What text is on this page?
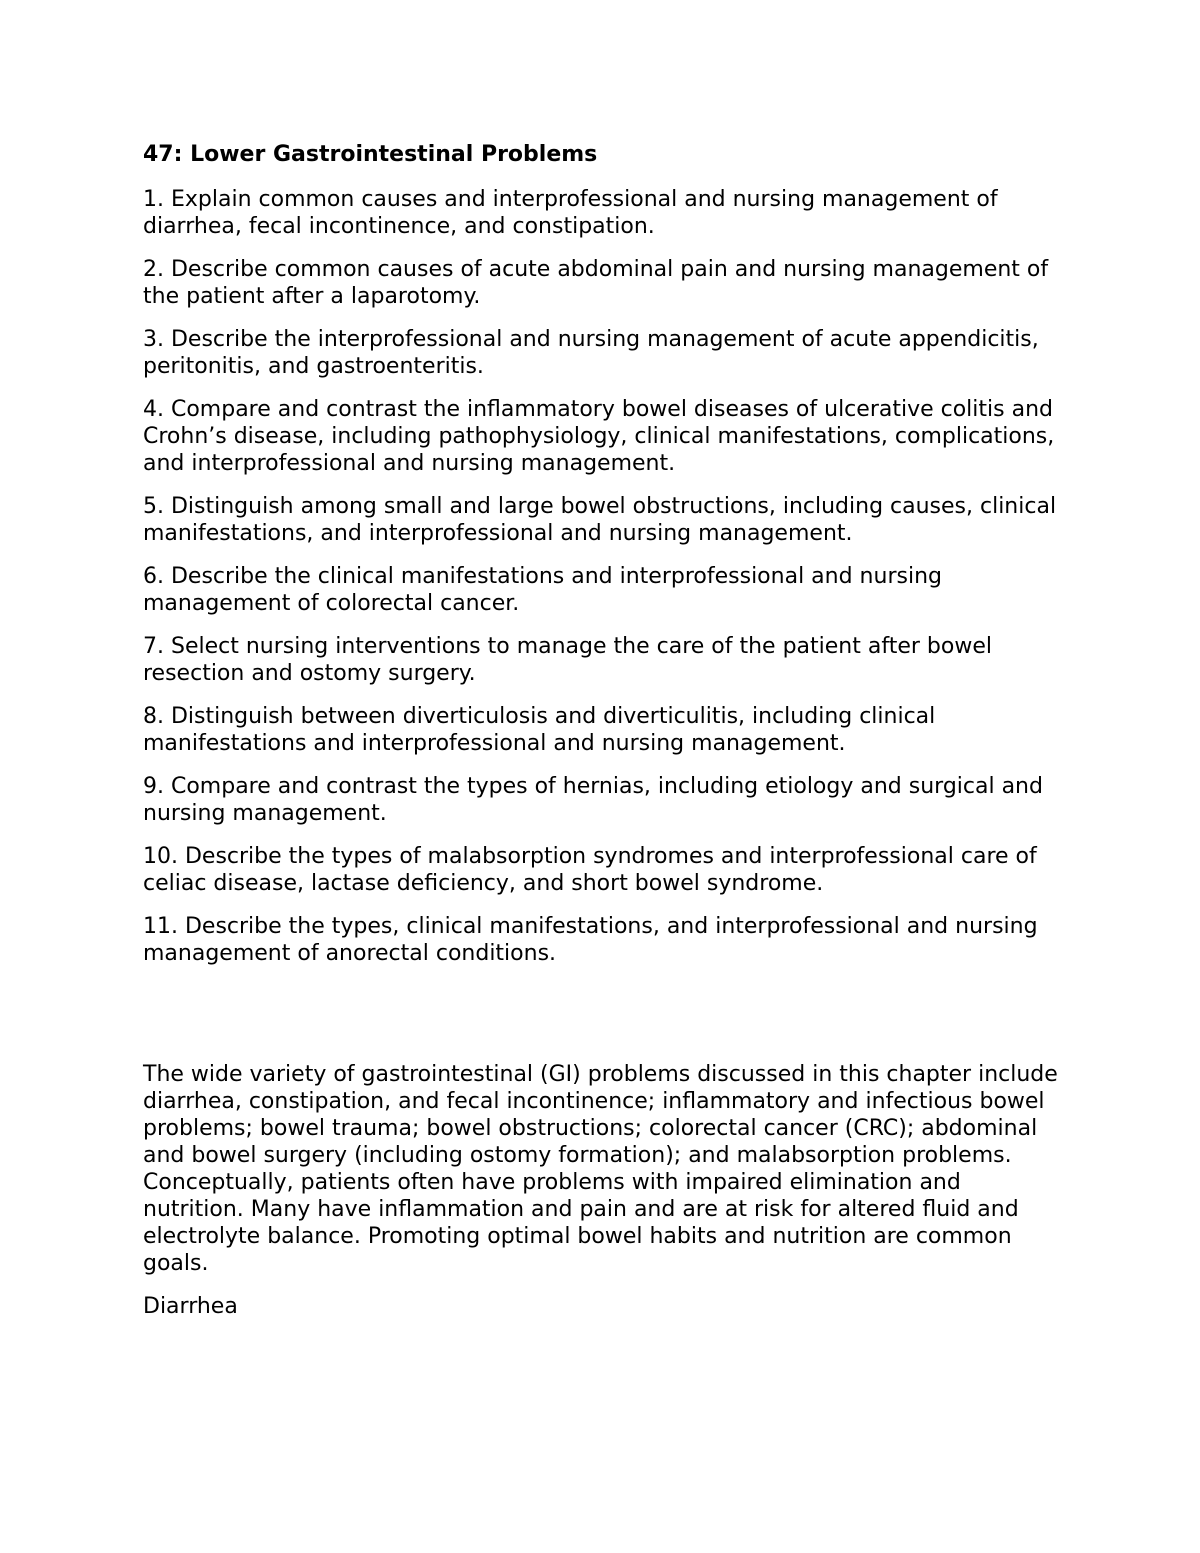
47: Lower Gastrointestinal Problems
1. Explain common causes and interprofessional and nursing management of diarrhea, fecal incontinence, and constipation.
2. Describe common causes of acute abdominal pain and nursing management of the patient after a laparotomy.
3. Describe the interprofessional and nursing management of acute appendicitis, peritonitis, and gastroenteritis.
4. Compare and contrast the inflammatory bowel diseases of ulcerative colitis and Crohn’s disease, including pathophysiology, clinical manifestations, complications, and interprofessional and nursing management.
5. Distinguish among small and large bowel obstructions, including causes, clinical manifestations, and interprofessional and nursing management.
6. Describe the clinical manifestations and interprofessional and nursing management of colorectal cancer.
7. Select nursing interventions to manage the care of the patient after bowel resection and ostomy surgery.
8. Distinguish between diverticulosis and diverticulitis, including clinical manifestations and interprofessional and nursing management.
9. Compare and contrast the types of hernias, including etiology and surgical and nursing management.
10. Describe the types of malabsorption syndromes and interprofessional care of celiac disease, lactase deficiency, and short bowel syndrome.
11. Describe the types, clinical manifestations, and interprofessional and nursing management of anorectal conditions.
The wide variety of gastrointestinal (GI) problems discussed in this chapter include diarrhea, constipation, and fecal incontinence; inflammatory and infectious bowel problems; bowel trauma; bowel obstructions; colorectal cancer (CRC); abdominal and bowel surgery (including ostomy formation); and malabsorption problems. Conceptually, patients often have problems with impaired elimination and nutrition. Many have inflammation and pain and are at risk for altered fluid and electrolyte balance. Promoting optimal bowel habits and nutrition are common goals.
Diarrhea
